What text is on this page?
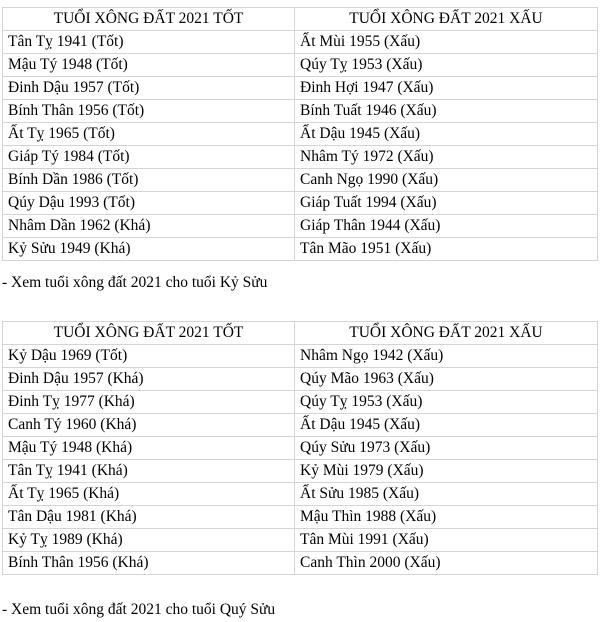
TUỔI XÔNG ĐẤT 2021 TỐT	TUỔI XÔNG ĐẤT 2021 XẤU
Tân Tỵ 1941 (Tốt)	Ất Mùi 1955 (Xấu)
Mậu Tý 1948 (Tốt)	Qúy Tỵ 1953 (Xấu)
Đinh Dậu 1957 (Tốt)	Đinh Hợi 1947 (Xấu)
Bính Thân 1956 (Tốt)	Bính Tuất 1946 (Xấu)
Ất Tỵ 1965 (Tốt)	Ất Dậu 1945 (Xấu)
Giáp Tý 1984 (Tốt)	Nhâm Tý 1972 (Xấu)
Bính Dần 1986 (Tốt)	Canh Ngọ 1990 (Xấu)
Qúy Dậu 1993 (Tốt)	Giáp Tuất 1994 (Xấu)
Nhâm Dần 1962 (Khá)	Giáp Thân 1944 (Xấu)
Kỷ Sửu 1949 (Khá)	Tân Mão 1951 (Xấu)
- Xem tuổi xông đất 2021 cho tuổi Kỷ Sửu
TUỔI XÔNG ĐẤT 2021 TỐT	TUỔI XÔNG ĐẤT 2021 XẤU
Kỷ Dậu 1969 (Tốt)	Nhâm Ngọ 1942 (Xấu)
Đinh Dậu 1957 (Khá)	Qúy Mão 1963 (Xấu)
Đinh Tỵ 1977 (Khá)	Qúy Tỵ 1953 (Xấu)
Canh Tý 1960 (Khá)	Ất Dậu 1945 (Xấu)
Mậu Tý 1948 (Khá)	Qúy Sửu 1973 (Xấu)
Tân Tỵ 1941 (Khá)	Kỷ Mùi 1979 (Xấu)
Ất Tỵ 1965 (Khá)	Ất Sửu 1985 (Xấu)
Tân Dậu 1981 (Khá)	Mậu Thìn 1988 (Xấu)
Kỷ Tỵ 1989 (Khá)	Tân Mùi 1991 (Xấu)
Bính Thân 1956 (Khá)	Canh Thìn 2000 (Xấu)
- Xem tuổi xông đất 2021 cho tuổi Quý Sửu
